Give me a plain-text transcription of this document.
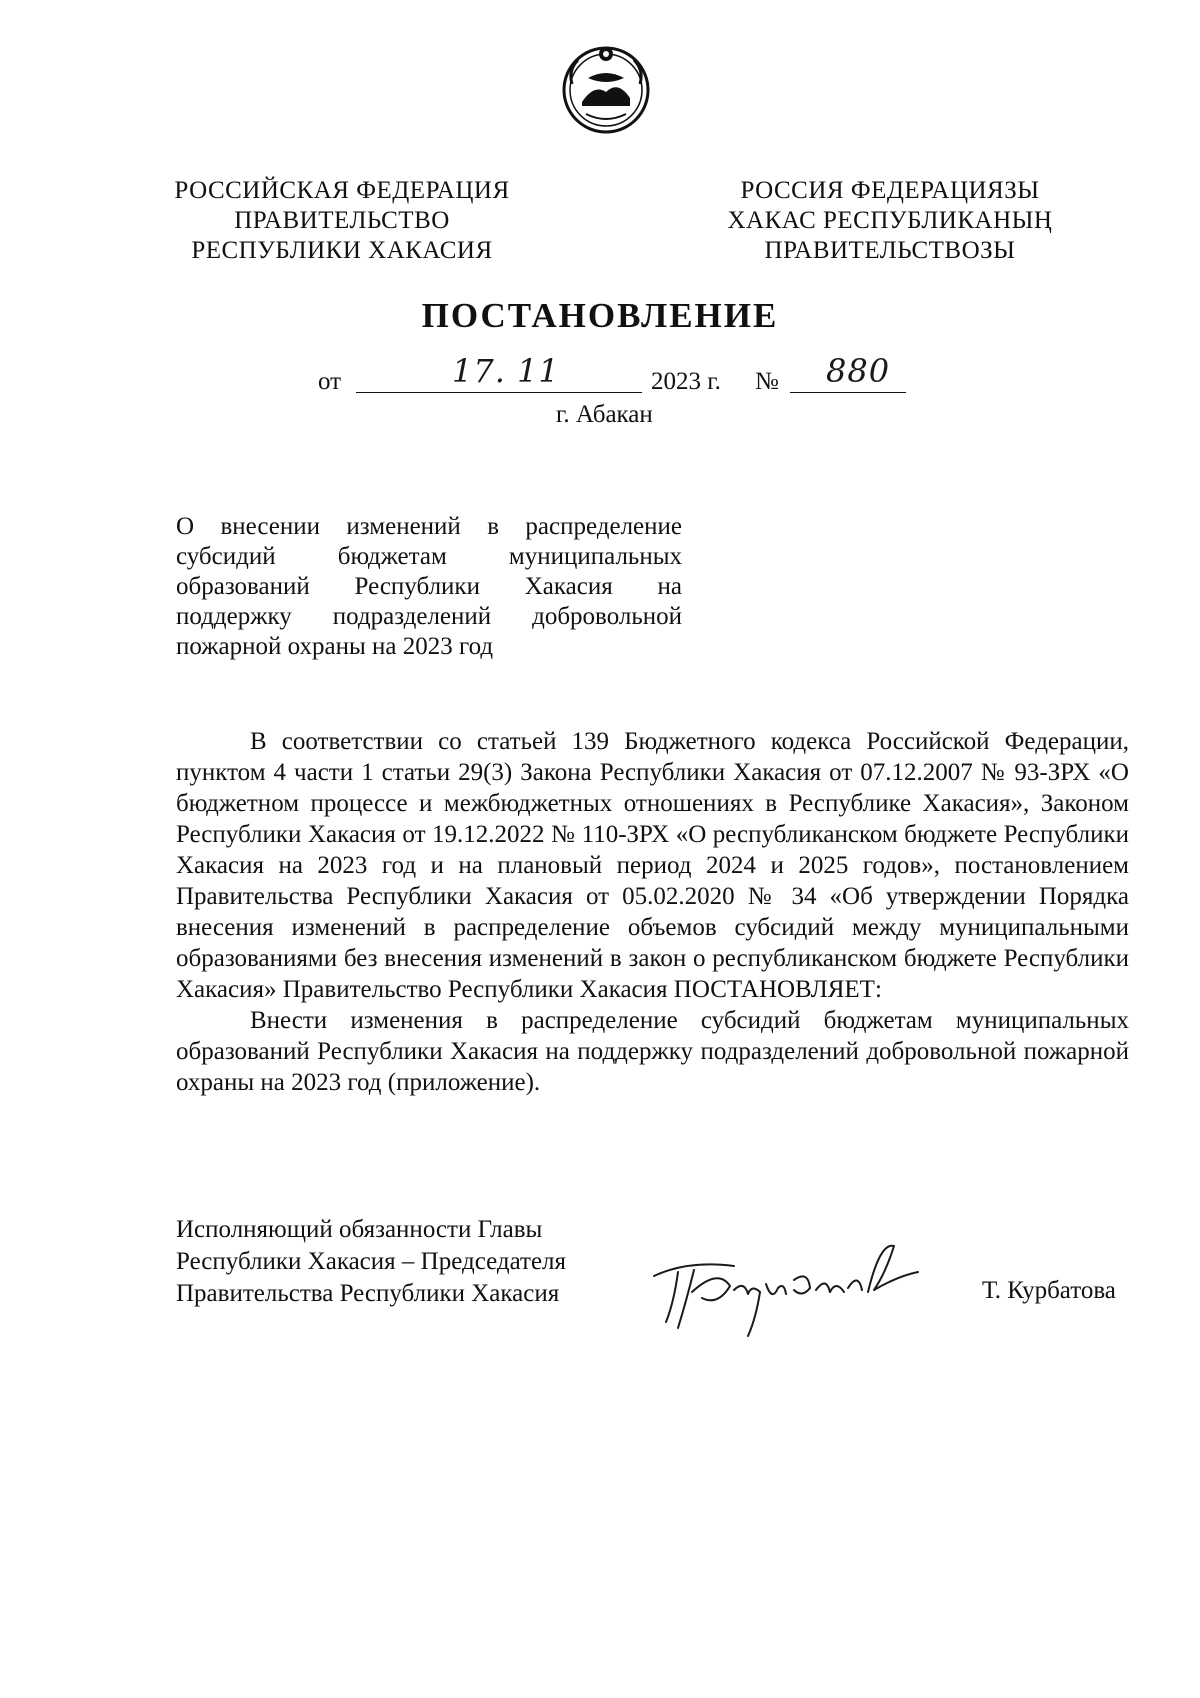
РОССИЙСКАЯ ФЕДЕРАЦИЯ
ПРАВИТЕЛЬСТВО
РЕСПУБЛИКИ ХАКАСИЯ
РОССИЯ ФЕДЕРАЦИЯЗЫ
ХАКАС РЕСПУБЛИКАНЫҢ
ПРАВИТЕЛЬСТВОЗЫ
ПОСТАНОВЛЕНИЕ
от	17. 11	2023 г. № 880
г. Абакан
О внесении изменений в распределение субсидий бюджетам муниципальных образований Республики Хакасия на поддержку подразделений добровольной пожарной охраны на 2023 год

В соответствии со статьей 139 Бюджетного кодекса Российской Федерации, пунктом 4 части 1 статьи 29(3) Закона Республики Хакасия от 07.12.2007 № 93-ЗРХ «О бюджетном процессе и межбюджетных отношениях в Республике Хакасия», Законом Республики Хакасия от 19.12.2022 № 110-ЗРХ «О республиканском бюджете Республики Хакасия на 2023 год и на плановый период 2024 и 2025 годов», постановлением Правительства Республики Хакасия от 05.02.2020 № 34 «Об утверждении Порядка внесения изменений в распределение объемов субсидий между муниципальными образованиями без внесения изменений в закон о республиканском бюджете Республики Хакасия» Правительство Республики Хакасия ПОСТАНОВЛЯЕТ:

Внести изменения в распределение субсидий бюджетам муниципальных образований Республики Хакасия на поддержку подразделений добровольной пожарной охраны на 2023 год (приложение).

Исполняющий обязанности Главы
Республики Хакасия – Председателя
Правительства Республики Хакасия	Т. Курбатова
